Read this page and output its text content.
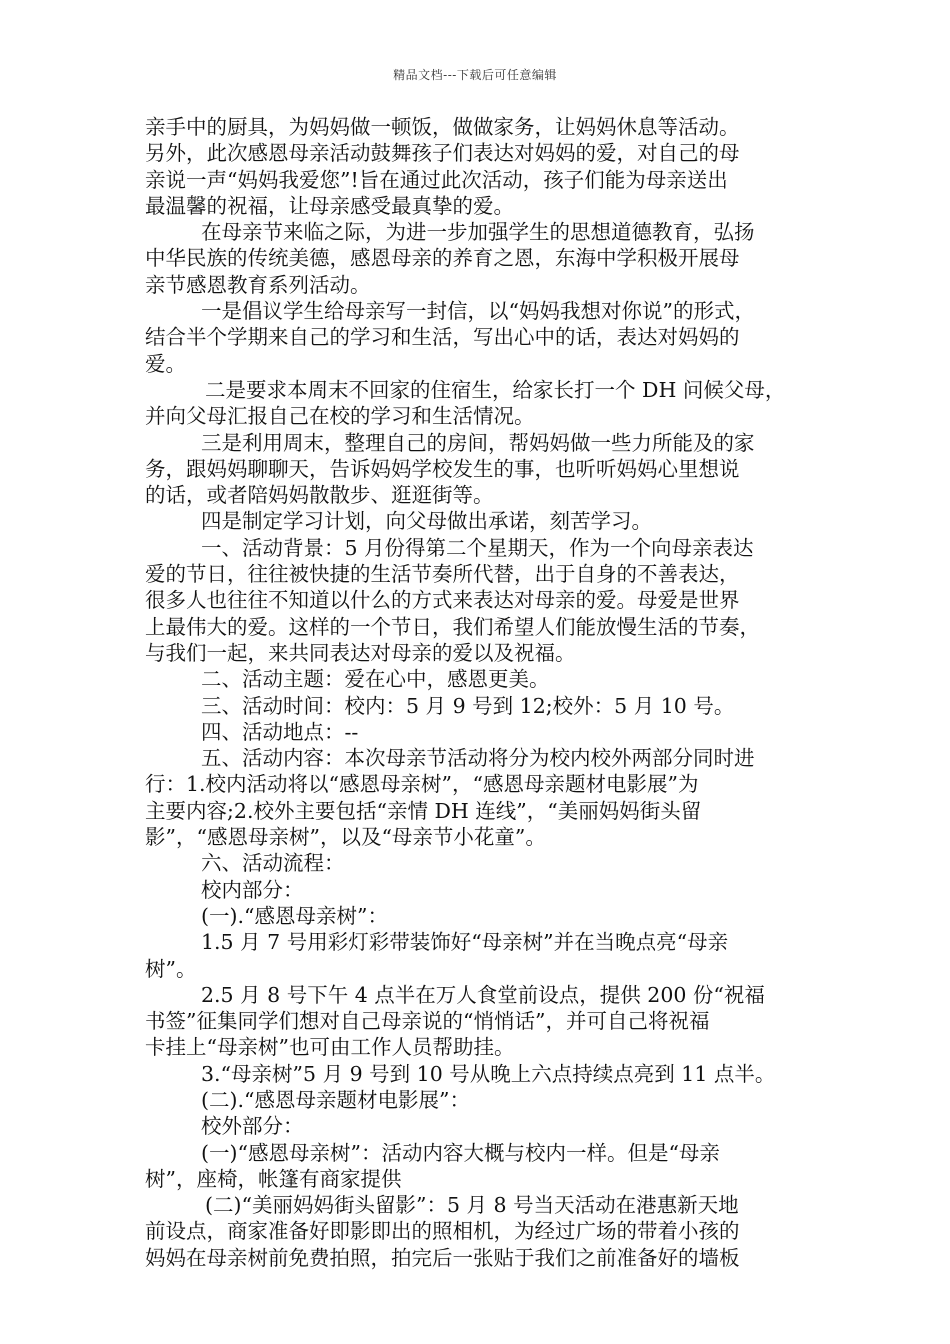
精品文档---下载后可任意编辑
亲手中的厨具，为妈妈做一顿饭，做做家务，让妈妈休息等活动。
另外，此次感恩母亲活动鼓舞孩子们表达对妈妈的爱，对自己的母
亲说一声“妈妈我爱您”!旨在通过此次活动，孩子们能为母亲送出
最温馨的祝福，让母亲感受最真挚的爱。
在母亲节来临之际，为进一步加强学生的思想道德教育，弘扬
中华民族的传统美德，感恩母亲的养育之恩，东海中学积极开展母
亲节感恩教育系列活动。
一是倡议学生给母亲写一封信，以“妈妈我想对你说”的形式，
结合半个学期来自己的学习和生活，写出心中的话，表达对妈妈的
爱。
二是要求本周末不回家的住宿生，给家长打一个 DH 问候父母，
并向父母汇报自己在校的学习和生活情况。
三是利用周末，整理自己的房间，帮妈妈做一些力所能及的家
务，跟妈妈聊聊天，告诉妈妈学校发生的事，也听听妈妈心里想说
的话，或者陪妈妈散散步、逛逛街等。
四是制定学习计划，向父母做出承诺，刻苦学习。
一、活动背景：5 月份得第二个星期天，作为一个向母亲表达
爱的节日，往往被快捷的生活节奏所代替，出于自身的不善表达，
很多人也往往不知道以什么的方式来表达对母亲的爱。母爱是世界
上最伟大的爱。这样的一个节日，我们希望人们能放慢生活的节奏，
与我们一起，来共同表达对母亲的爱以及祝福。
二、活动主题：爱在心中，感恩更美。
三、活动时间：校内：5 月 9 号到 12;校外：5 月 10 号。
四、活动地点：--
五、活动内容：本次母亲节活动将分为校内校外两部分同时进
行：1.校内活动将以“感恩母亲树”，“感恩母亲题材电影展”为
主要内容;2.校外主要包括“亲情 DH 连线”，“美丽妈妈街头留
影”，“感恩母亲树”，以及“母亲节小花童”。
六、活动流程：
校内部分：
(一).“感恩母亲树”：
1.5 月 7 号用彩灯彩带装饰好“母亲树”并在当晚点亮“母亲
树”。
2.5 月 8 号下午 4 点半在万人食堂前设点，提供 200 份“祝福
书签”征集同学们想对自己母亲说的“悄悄话”，并可自己将祝福
卡挂上“母亲树”也可由工作人员帮助挂。
3.“母亲树”5 月 9 号到 10 号从晚上六点持续点亮到 11 点半。
(二).“感恩母亲题材电影展”：
校外部分：
(一)“感恩母亲树”：活动内容大概与校内一样。但是“母亲
树”，座椅，帐篷有商家提供
(二)“美丽妈妈街头留影”：5 月 8 号当天活动在港惠新天地
前设点，商家准备好即影即出的照相机，为经过广场的带着小孩的
妈妈在母亲树前免费拍照，拍完后一张贴于我们之前准备好的墙板
